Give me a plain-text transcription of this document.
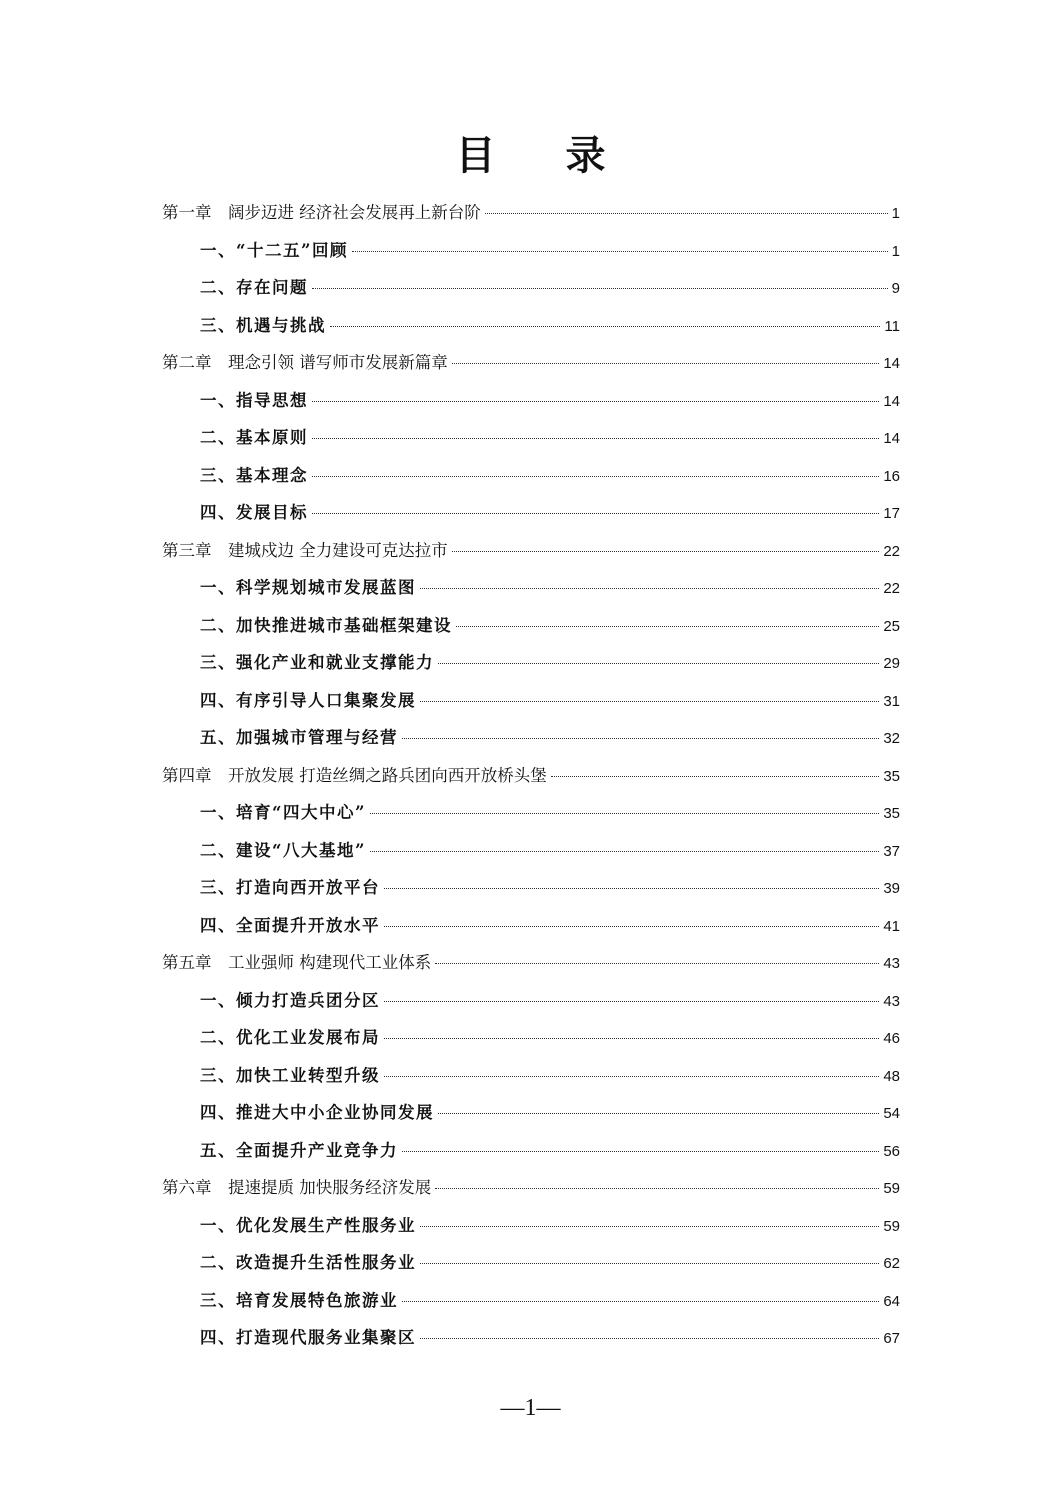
目 录
第一章　阔步迈进 经济社会发展再上新台阶	1
一、“十二五”回顾	1
二、存在问题	9
三、机遇与挑战	11
第二章　理念引领 谱写师市发展新篇章	14
一、指导思想	14
二、基本原则	14
三、基本理念	16
四、发展目标	17
第三章　建城戍边 全力建设可克达拉市	22
一、科学规划城市发展蓝图	22
二、加快推进城市基础框架建设	25
三、强化产业和就业支撑能力	29
四、有序引导人口集聚发展	31
五、加强城市管理与经营	32
第四章　开放发展 打造丝绸之路兵团向西开放桥头堡	35
一、培育“四大中心”	35
二、建设“八大基地”	37
三、打造向西开放平台	39
四、全面提升开放水平	41
第五章　工业强师 构建现代工业体系	43
一、倾力打造兵团分区	43
二、优化工业发展布局	46
三、加快工业转型升级	48
四、推进大中小企业协同发展	54
五、全面提升产业竞争力	56
第六章　提速提质 加快服务经济发展	59
一、优化发展生产性服务业	59
二、改造提升生活性服务业	62
三、培育发展特色旅游业	64
四、打造现代服务业集聚区	67
—1—
